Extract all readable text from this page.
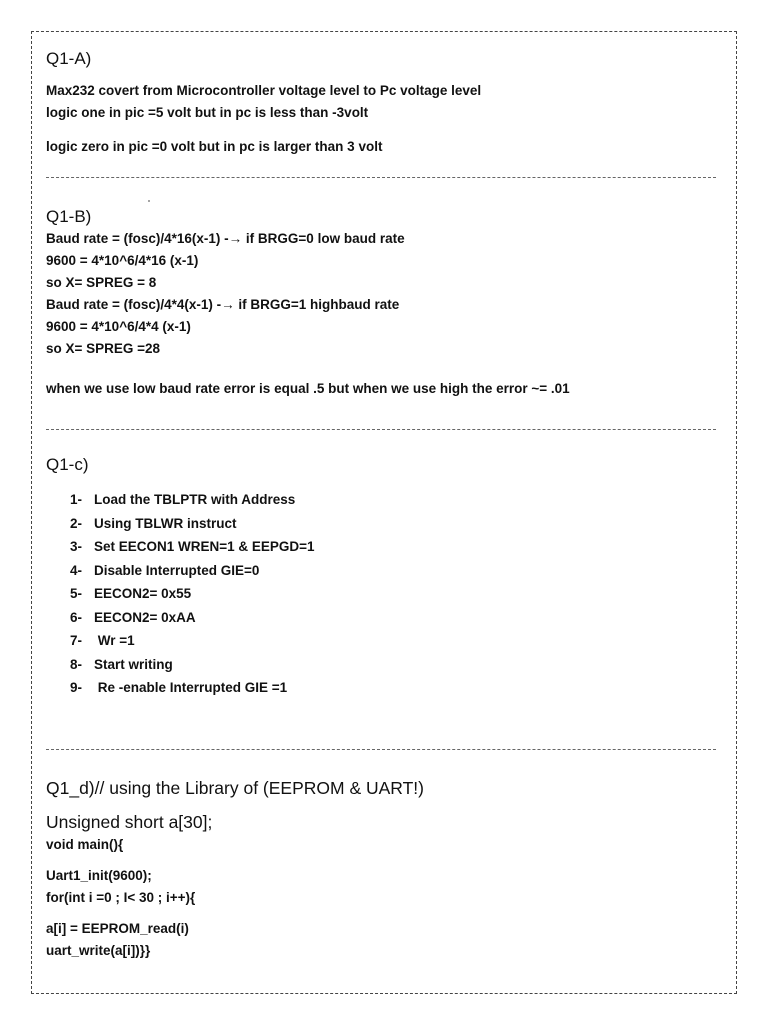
Q1-A)

Max232 covert from Microcontroller voltage level to Pc voltage level

logic one in pic =5 volt but in pc is less than -3volt

logic zero in pic =0 volt but in pc is larger than 3 volt

Q1-B)

Baud rate = (fosc)/4*16(x-1) -→ if BRGG=0 low baud rate

9600 = 4*10^6/4*16 (x-1)

so X= SPREG = 8

Baud rate = (fosc)/4*4(x-1) -→ if BRGG=1 highbaud rate

9600 = 4*10^6/4*4 (x-1)

so X= SPREG =28

when we use low baud rate error is equal .5 but when we use high the error ~= .01

Q1-c)

1- Load the TBLPTR with Address
2- Using TBLWR instruct
3- Set EECON1 WREN=1 & EEPGD=1
4- Disable Interrupted GIE=0
5- EECON2= 0x55
6- EECON2= 0xAA
7- Wr =1
8- Start writing
9- Re -enable Interrupted GIE =1

Q1_d)// using the Library of (EEPROM & UART!)

Unsigned short a[30];

void main(){

Uart1_init(9600);

for(int i =0 ; I< 30 ; i++){

a[i] = EEPROM_read(i)

uart_write(a[i])}}
